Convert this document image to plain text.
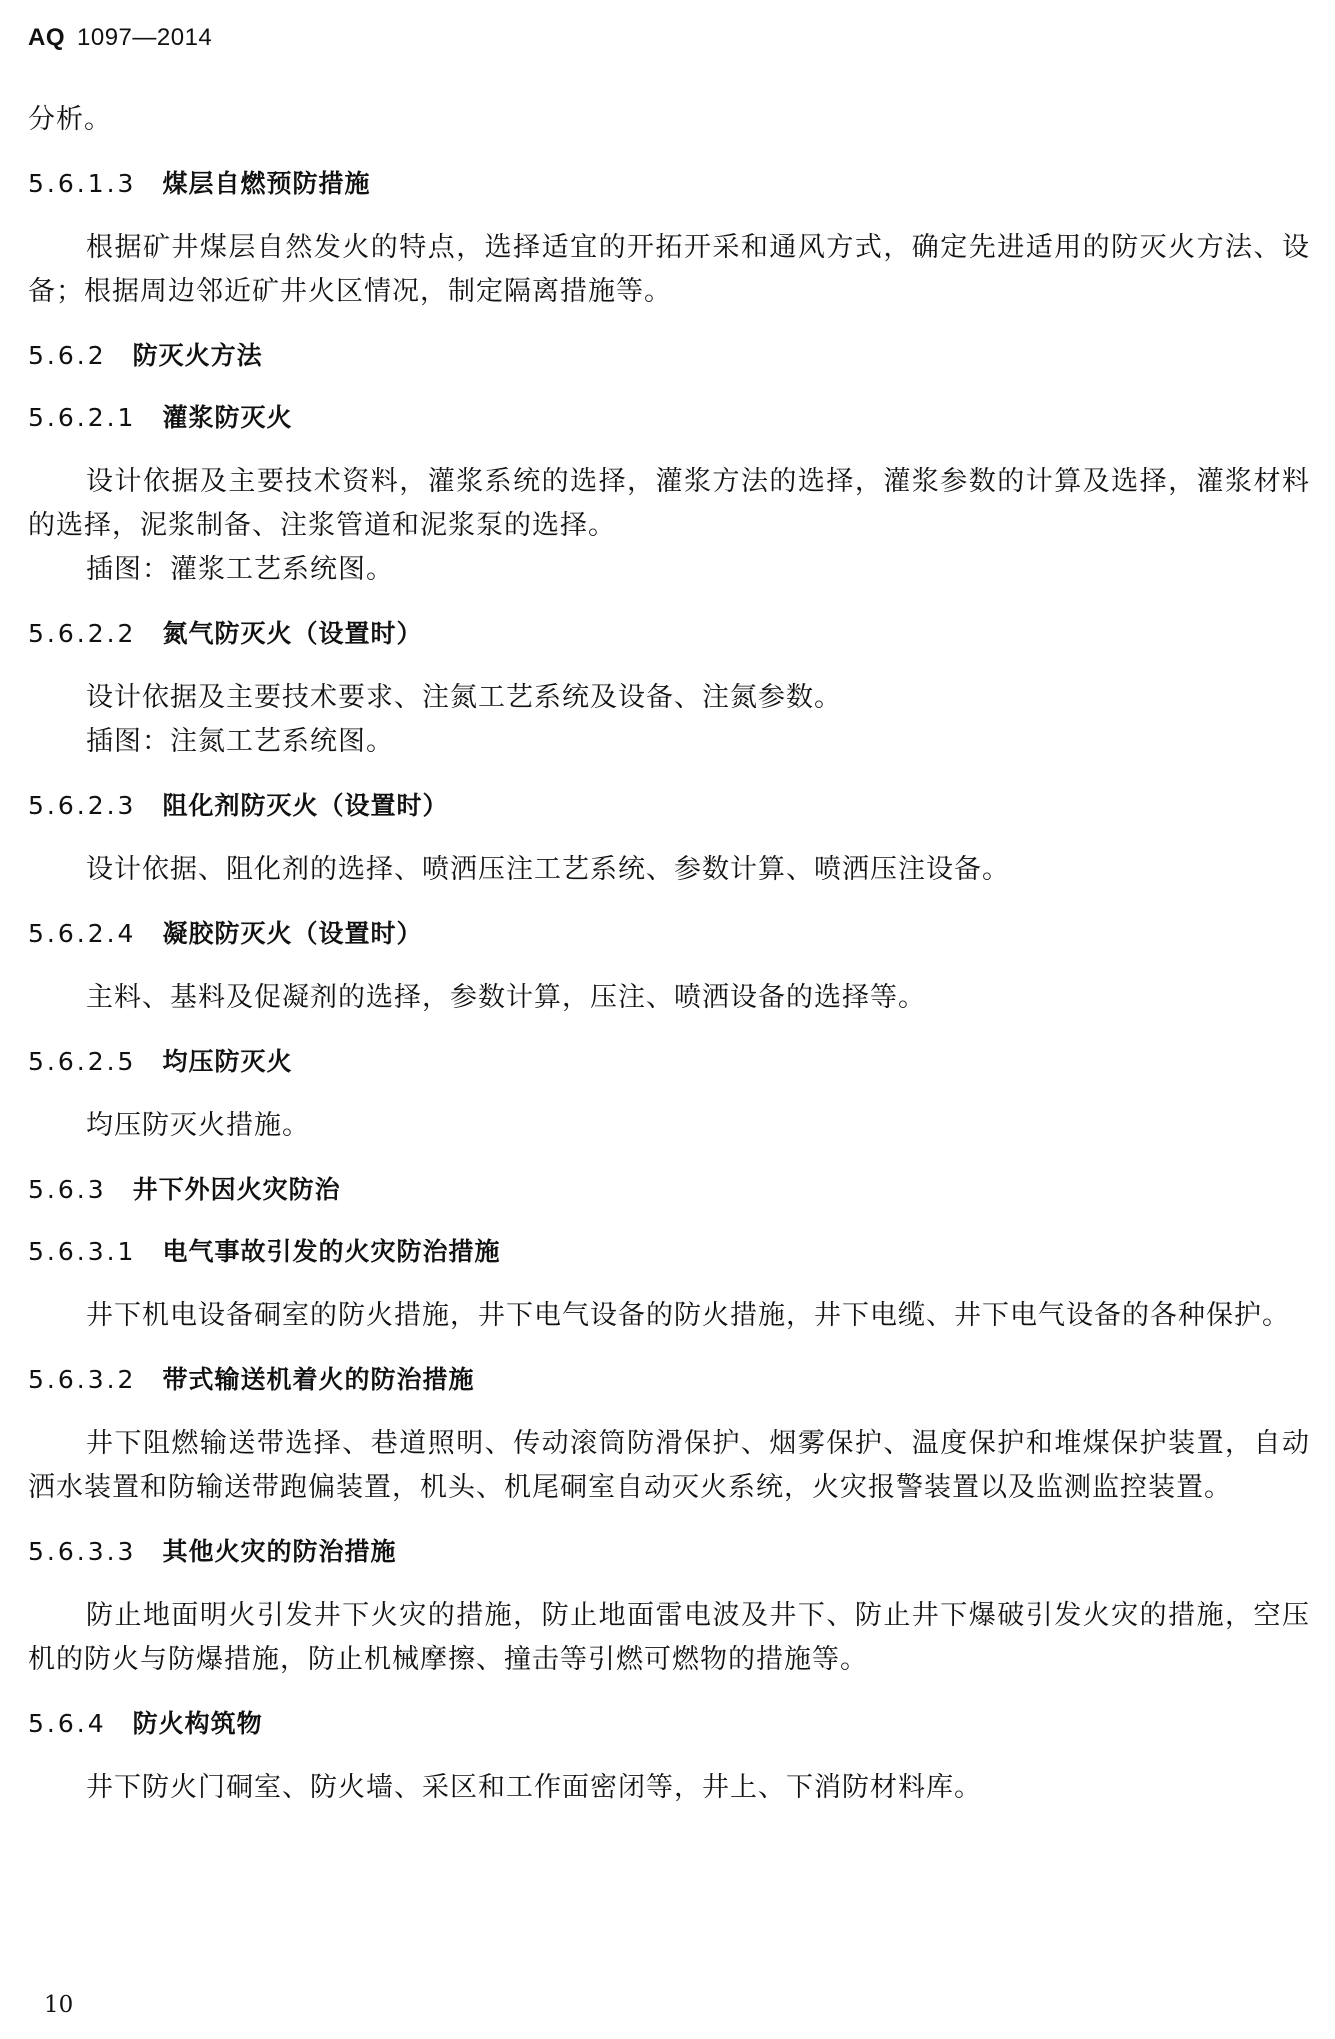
AQ 1097—2014

分析。

5.6.1.3 煤层自燃预防措施

根据矿井煤层自然发火的特点，选择适宜的开拓开采和通风方式，确定先进适用的防灭火方法、设备；根据周边邻近矿井火区情况，制定隔离措施等。

5.6.2 防灭火方法
5.6.2.1 灌浆防灭火

设计依据及主要技术资料，灌浆系统的选择，灌浆方法的选择，灌浆参数的计算及选择，灌浆材料的选择，泥浆制备、注浆管道和泥浆泵的选择。

插图：灌浆工艺系统图。

5.6.2.2 氮气防灭火（设置时）

设计依据及主要技术要求、注氮工艺系统及设备、注氮参数。

插图：注氮工艺系统图。

5.6.2.3 阻化剂防灭火（设置时）

设计依据、阻化剂的选择、喷洒压注工艺系统、参数计算、喷洒压注设备。

5.6.2.4 凝胶防灭火（设置时）

主料、基料及促凝剂的选择，参数计算，压注、喷洒设备的选择等。

5.6.2.5 均压防灭火

均压防灭火措施。

5.6.3 井下外因火灾防治
5.6.3.1 电气事故引发的火灾防治措施

井下机电设备硐室的防火措施，井下电气设备的防火措施，井下电缆、井下电气设备的各种保护。

5.6.3.2 带式输送机着火的防治措施

井下阻燃输送带选择、巷道照明、传动滚筒防滑保护、烟雾保护、温度保护和堆煤保护装置，自动洒水装置和防输送带跑偏装置，机头、机尾硐室自动灭火系统，火灾报警装置以及监测监控装置。

5.6.3.3 其他火灾的防治措施

防止地面明火引发井下火灾的措施，防止地面雷电波及井下、防止井下爆破引发火灾的措施，空压机的防火与防爆措施，防止机械摩擦、撞击等引燃可燃物的措施等。

5.6.4 防火构筑物

井下防火门硐室、防火墙、采区和工作面密闭等，井上、下消防材料库。

10
